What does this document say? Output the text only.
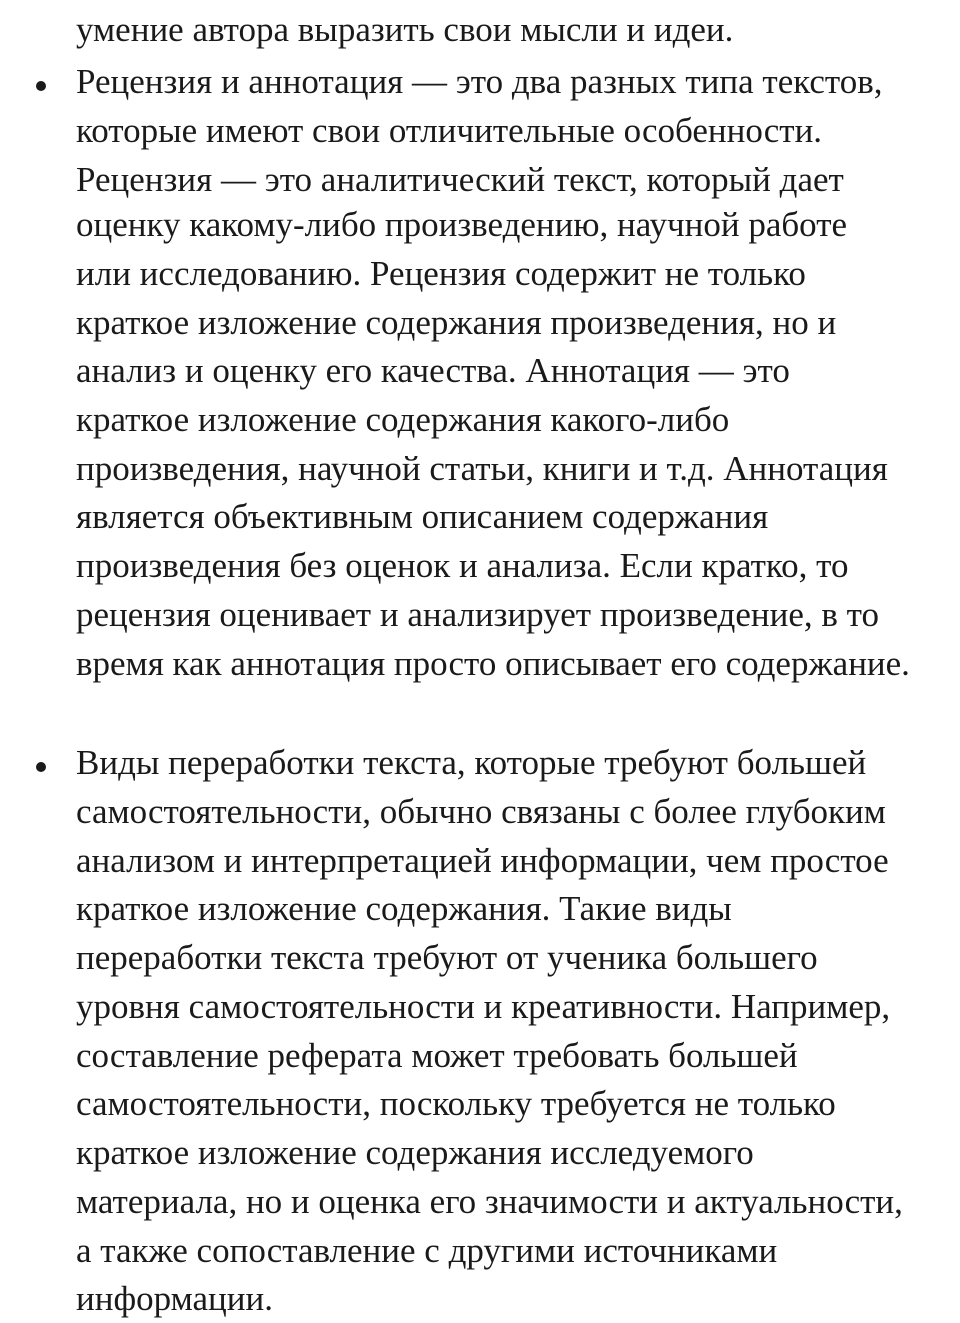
умение автора выразить свои мысли и идеи.
Рецензия и аннотация — это два разных типа текстов,
которые имеют свои отличительные особенности.
Рецензия — это аналитический текст, который дает
оценку какому-либо произведению, научной работе
или исследованию. Рецензия содержит не только
краткое изложение содержания произведения, но и
анализ и оценку его качества. Аннотация — это
краткое изложение содержания какого-либо
произведения, научной статьи, книги и т.д. Аннотация
является объективным описанием содержания
произведения без оценок и анализа. Если кратко, то
рецензия оценивает и анализирует произведение, в то
время как аннотация просто описывает его содержание.
Виды переработки текста, которые требуют большей
самостоятельности, обычно связаны с более глубоким
анализом и интерпретацией информации, чем простое
краткое изложение содержания. Такие виды
переработки текста требуют от ученика большего
уровня самостоятельности и креативности. Например,
составление реферата может требовать большей
самостоятельности, поскольку требуется не только
краткое изложение содержания исследуемого
материала, но и оценка его значимости и актуальности,
а также сопоставление с другими источниками
информации.
